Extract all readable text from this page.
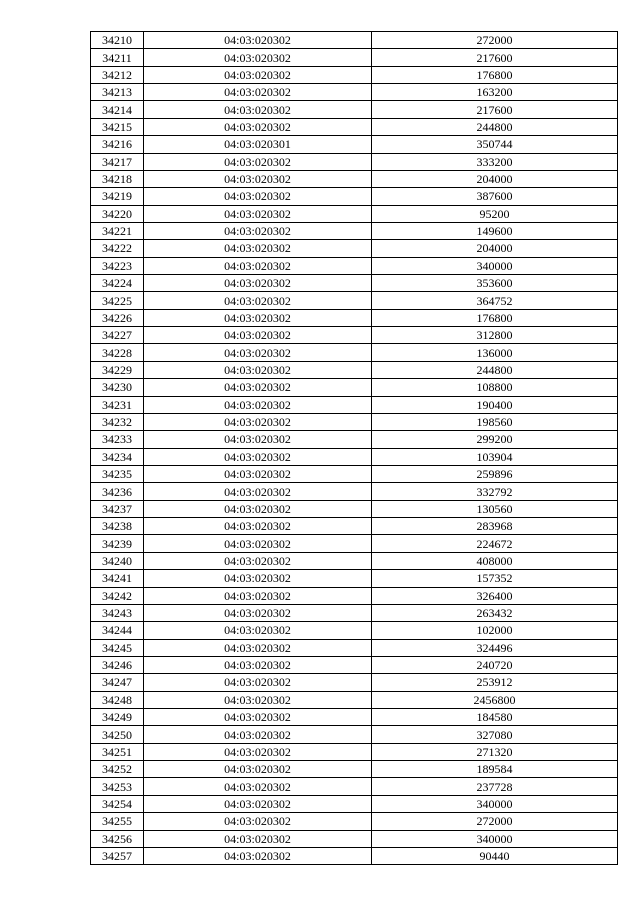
34210	04:03:020302	272000
34211	04:03:020302	217600
34212	04:03:020302	176800
34213	04:03:020302	163200
34214	04:03:020302	217600
34215	04:03:020302	244800
34216	04:03:020301	350744
34217	04:03:020302	333200
34218	04:03:020302	204000
34219	04:03:020302	387600
34220	04:03:020302	95200
34221	04:03:020302	149600
34222	04:03:020302	204000
34223	04:03:020302	340000
34224	04:03:020302	353600
34225	04:03:020302	364752
34226	04:03:020302	176800
34227	04:03:020302	312800
34228	04:03:020302	136000
34229	04:03:020302	244800
34230	04:03:020302	108800
34231	04:03:020302	190400
34232	04:03:020302	198560
34233	04:03:020302	299200
34234	04:03:020302	103904
34235	04:03:020302	259896
34236	04:03:020302	332792
34237	04:03:020302	130560
34238	04:03:020302	283968
34239	04:03:020302	224672
34240	04:03:020302	408000
34241	04:03:020302	157352
34242	04:03:020302	326400
34243	04:03:020302	263432
34244	04:03:020302	102000
34245	04:03:020302	324496
34246	04:03:020302	240720
34247	04:03:020302	253912
34248	04:03:020302	2456800
34249	04:03:020302	184580
34250	04:03:020302	327080
34251	04:03:020302	271320
34252	04:03:020302	189584
34253	04:03:020302	237728
34254	04:03:020302	340000
34255	04:03:020302	272000
34256	04:03:020302	340000
34257	04:03:020302	90440
